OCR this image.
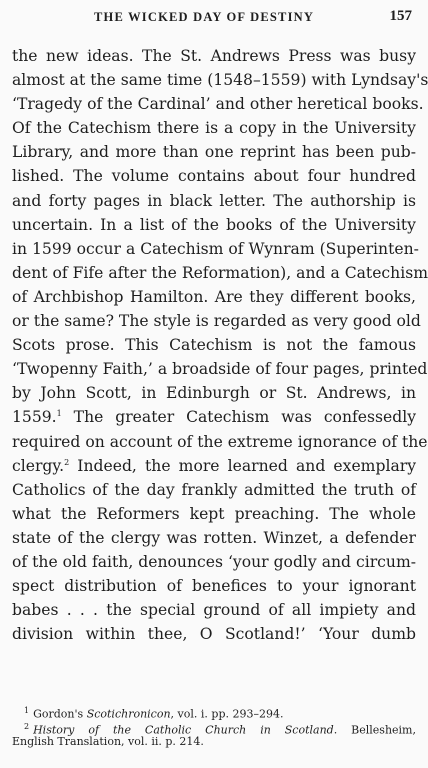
THE WICKED DAY OF DESTINY	157
the new ideas. The St. Andrews Press was busy
almost at the same time (1548–1559) with Lyndsay's
‘Tragedy of the Cardinal’ and other heretical books.
Of the Catechism there is a copy in the University
Library, and more than one reprint has been pub-
lished. The volume contains about four hundred
and forty pages in black letter. The authorship is
uncertain. In a list of the books of the University
in 1599 occur a Catechism of Wynram (Superinten-
dent of Fife after the Reformation), and a Catechism
of Archbishop Hamilton. Are they different books,
or the same? The style is regarded as very good old
Scots prose. This Catechism is not the famous
‘Twopenny Faith,’ a broadside of four pages, printed
by John Scott, in Edinburgh or St. Andrews, in
1559.$^1$ The greater Catechism was confessedly
required on account of the extreme ignorance of the
clergy.$^2$ Indeed, the more learned and exemplary
Catholics of the day frankly admitted the truth of
what the Reformers kept preaching. The whole
state of the clergy was rotten. Winzet, a defender
of the old faith, denounces ‘your godly and circum-
spect distribution of benefices to your ignorant
babes . . . the special ground of all impiety and
division within thee, O Scotland!’ ‘Your dumb
$^1$ Gordon's Scotichronicon, vol. i. pp. 293–294.
$^2$ History of the Catholic Church in Scotland. Bellesheim,
English Translation, vol. ii. p. 214.
